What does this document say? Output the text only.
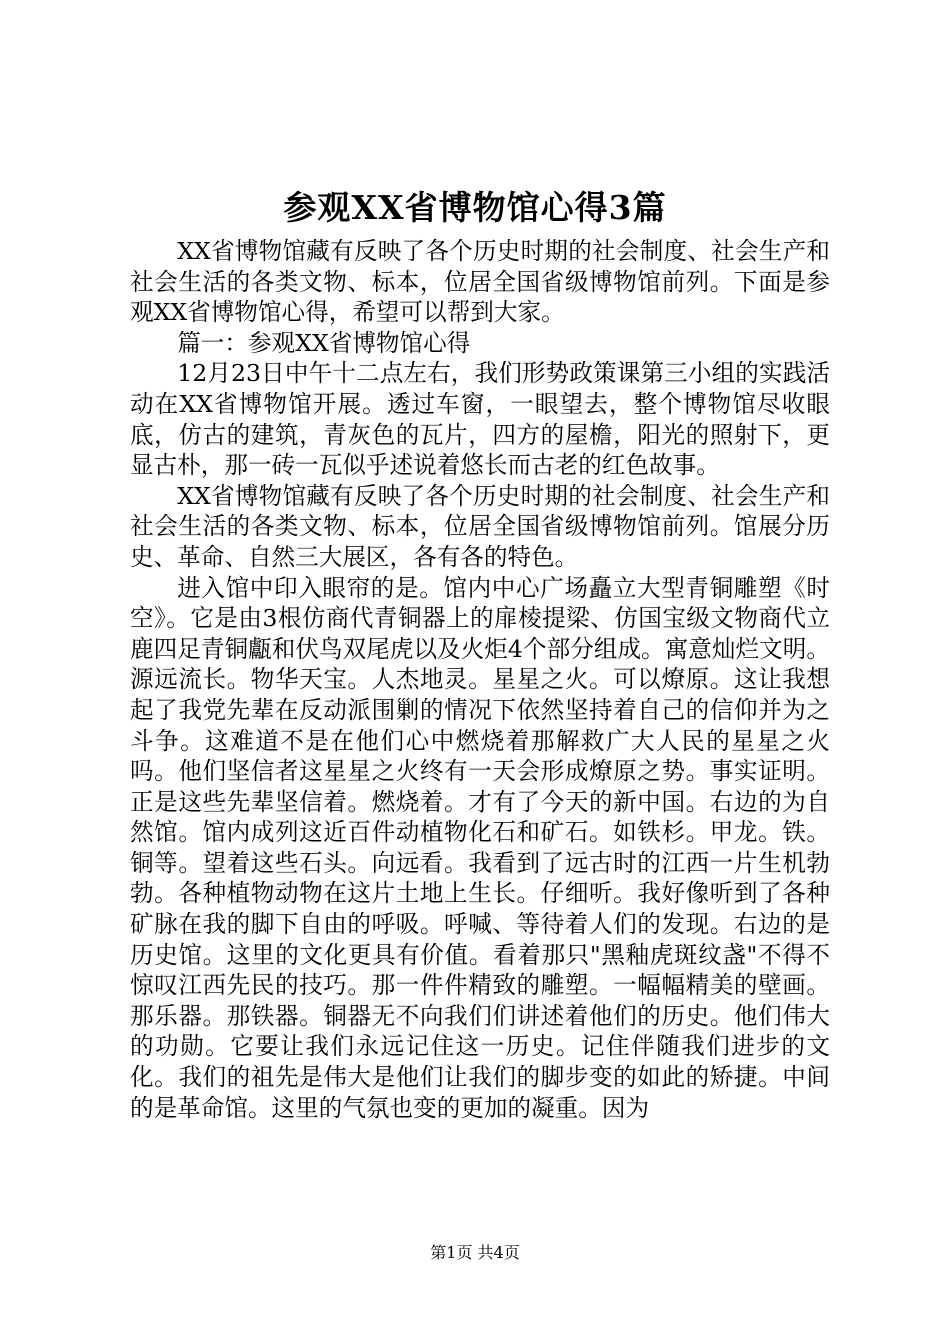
参观XX省博物馆心得3篇

XX省博物馆藏有反映了各个历史时期的社会制度、社会生产和社会生活的各类文物、标本，位居全国省级博物馆前列。下面是参观XX省博物馆心得，希望可以帮到大家。

篇一：参观XX省博物馆心得

12月23日中午十二点左右，我们形势政策课第三小组的实践活动在XX省博物馆开展。透过车窗，一眼望去，整个博物馆尽收眼底，仿古的建筑，青灰色的瓦片，四方的屋檐，阳光的照射下，更显古朴，那一砖一瓦似乎述说着悠长而古老的红色故事。

XX省博物馆藏有反映了各个历史时期的社会制度、社会生产和社会生活的各类文物、标本，位居全国省级博物馆前列。馆展分历史、革命、自然三大展区，各有各的特色。

进入馆中印入眼帘的是。馆内中心广场矗立大型青铜雕塑《时空》。它是由3根仿商代青铜器上的扉棱提梁、仿国宝级文物商代立鹿四足青铜甗和伏鸟双尾虎以及火炬4个部分组成。寓意灿烂文明。源远流长。物华天宝。人杰地灵。星星之火。可以燎原。这让我想起了我党先辈在反动派围剿的情况下依然坚持着自己的信仰并为之斗争。这难道不是在他们心中燃烧着那解救广大人民的星星之火吗。他们坚信者这星星之火终有一天会形成燎原之势。事实证明。正是这些先辈坚信着。燃烧着。才有了今天的新中国。右边的为自然馆。馆内成列这近百件动植物化石和矿石。如铁杉。甲龙。铁。铜等。望着这些石头。向远看。我看到了远古时的江西一片生机勃勃。各种植物动物在这片土地上生长。仔细听。我好像听到了各种矿脉在我的脚下自由的呼吸。呼喊、等待着人们的发现。右边的是历史馆。这里的文化更具有价值。看着那只"黑釉虎斑纹盏"不得不惊叹江西先民的技巧。那一件件精致的雕塑。一幅幅精美的壁画。那乐器。那铁器。铜器无不向我们们讲述着他们的历史。他们伟大的功勋。它要让我们永远记住这一历史。记住伴随我们进步的文化。我们的祖先是伟大是他们让我们的脚步变的如此的矫捷。中间的是革命馆。这里的气氛也变的更加的凝重。因为

第1页 共4页
